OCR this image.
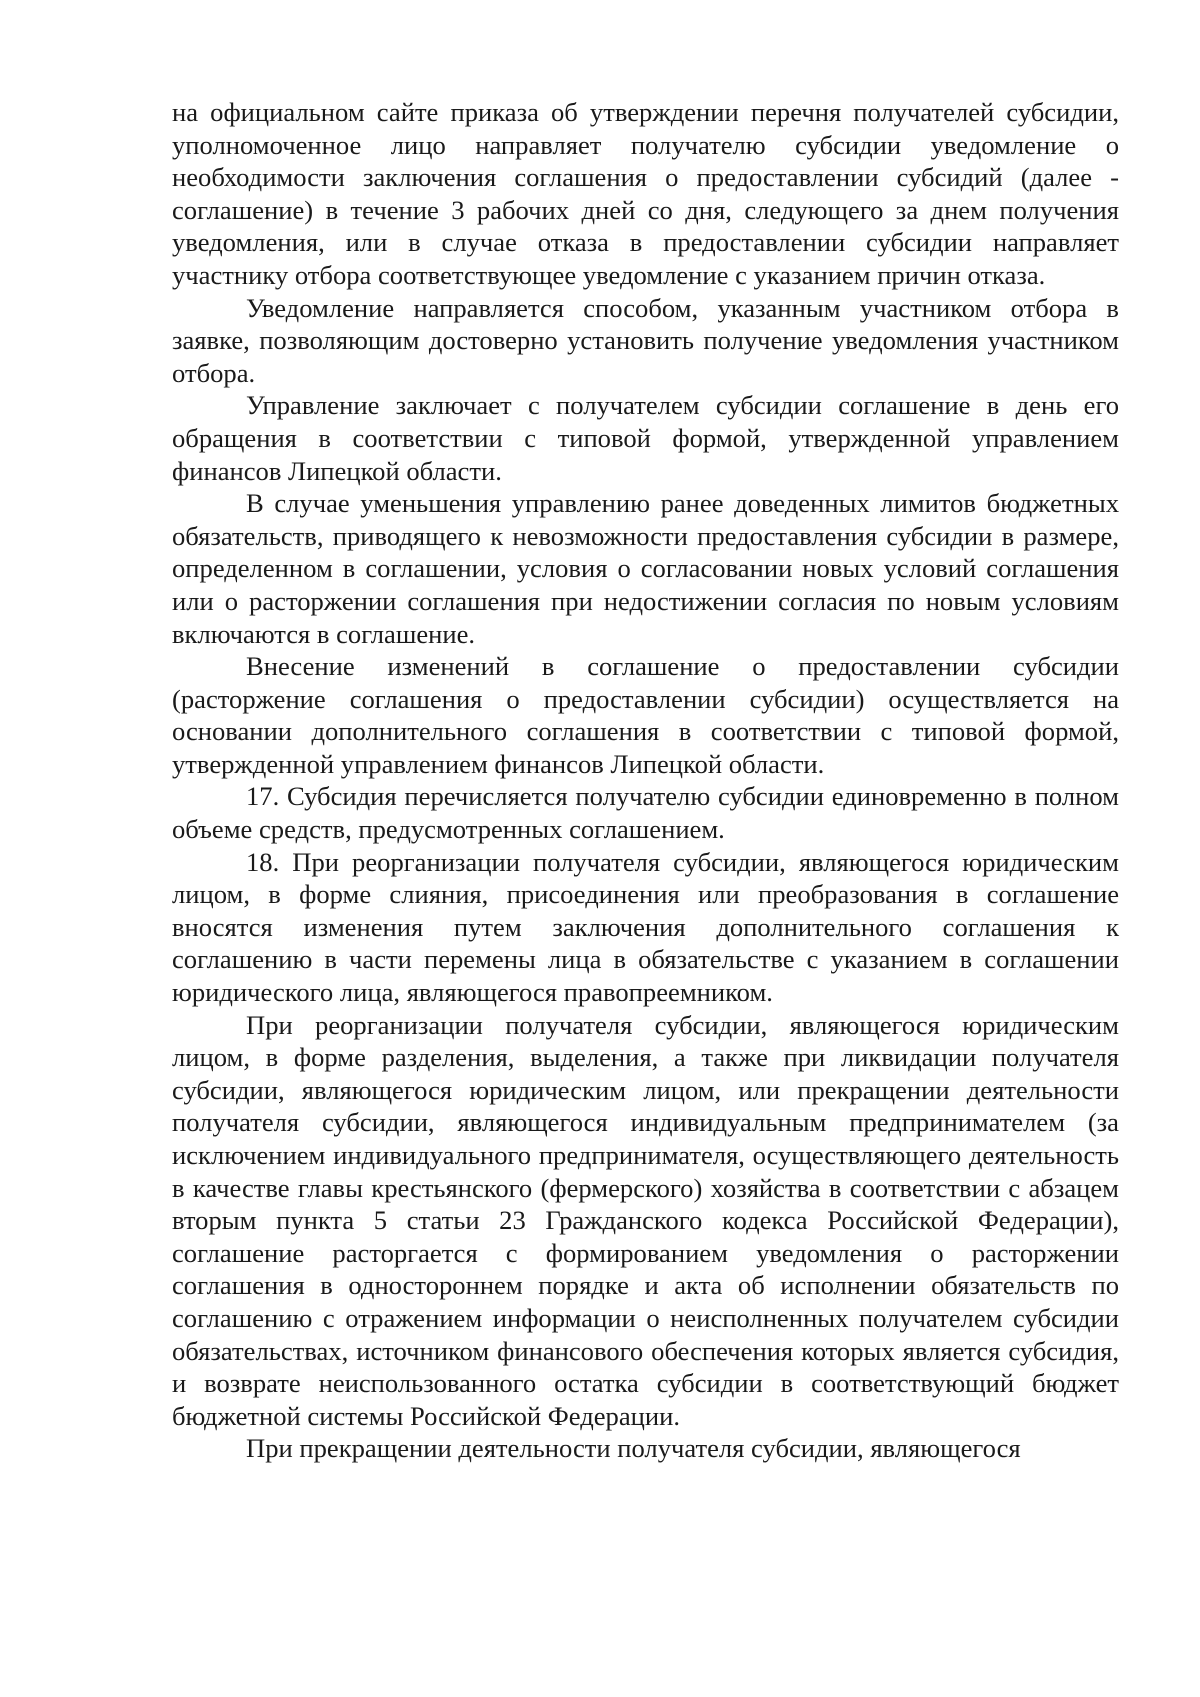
на официальном сайте приказа об утверждении перечня получателей субсидии, уполномоченное лицо направляет получателю субсидии уведомление о необходимости заключения соглашения о предоставлении субсидий (далее - соглашение) в течение 3 рабочих дней со дня, следующего за днем получения уведомления, или в случае отказа в предоставлении субсидии направляет участнику отбора соответствующее уведомление с указанием причин отказа.

Уведомление направляется способом, указанным участником отбора в заявке, позволяющим достоверно установить получение уведомления участником отбора.

Управление заключает с получателем субсидии соглашение в день его обращения в соответствии с типовой формой, утвержденной управлением финансов Липецкой области.

В случае уменьшения управлению ранее доведенных лимитов бюджетных обязательств, приводящего к невозможности предоставления субсидии в размере, определенном в соглашении, условия о согласовании новых условий соглашения или о расторжении соглашения при недостижении согласия по новым условиям включаются в соглашение.

Внесение изменений в соглашение о предоставлении субсидии (расторжение соглашения о предоставлении субсидии) осуществляется на основании дополнительного соглашения в соответствии с типовой формой, утвержденной управлением финансов Липецкой области.

17. Субсидия перечисляется получателю субсидии единовременно в полном объеме средств, предусмотренных соглашением.

18. При реорганизации получателя субсидии, являющегося юридическим лицом, в форме слияния, присоединения или преобразования в соглашение вносятся изменения путем заключения дополнительного соглашения к соглашению в части перемены лица в обязательстве с указанием в соглашении юридического лица, являющегося правопреемником.

При реорганизации получателя субсидии, являющегося юридическим лицом, в форме разделения, выделения, а также при ликвидации получателя субсидии, являющегося юридическим лицом, или прекращении деятельности получателя субсидии, являющегося индивидуальным предпринимателем (за исключением индивидуального предпринимателя, осуществляющего деятельность в качестве главы крестьянского (фермерского) хозяйства в соответствии с абзацем вторым пункта 5 статьи 23 Гражданского кодекса Российской Федерации), соглашение расторгается с формированием уведомления о расторжении соглашения в одностороннем порядке и акта об исполнении обязательств по соглашению с отражением информации о неисполненных получателем субсидии обязательствах, источником финансового обеспечения которых является субсидия, и возврате неиспользованного остатка субсидии в соответствующий бюджет бюджетной системы Российской Федерации.

При прекращении деятельности получателя субсидии, являющегося
